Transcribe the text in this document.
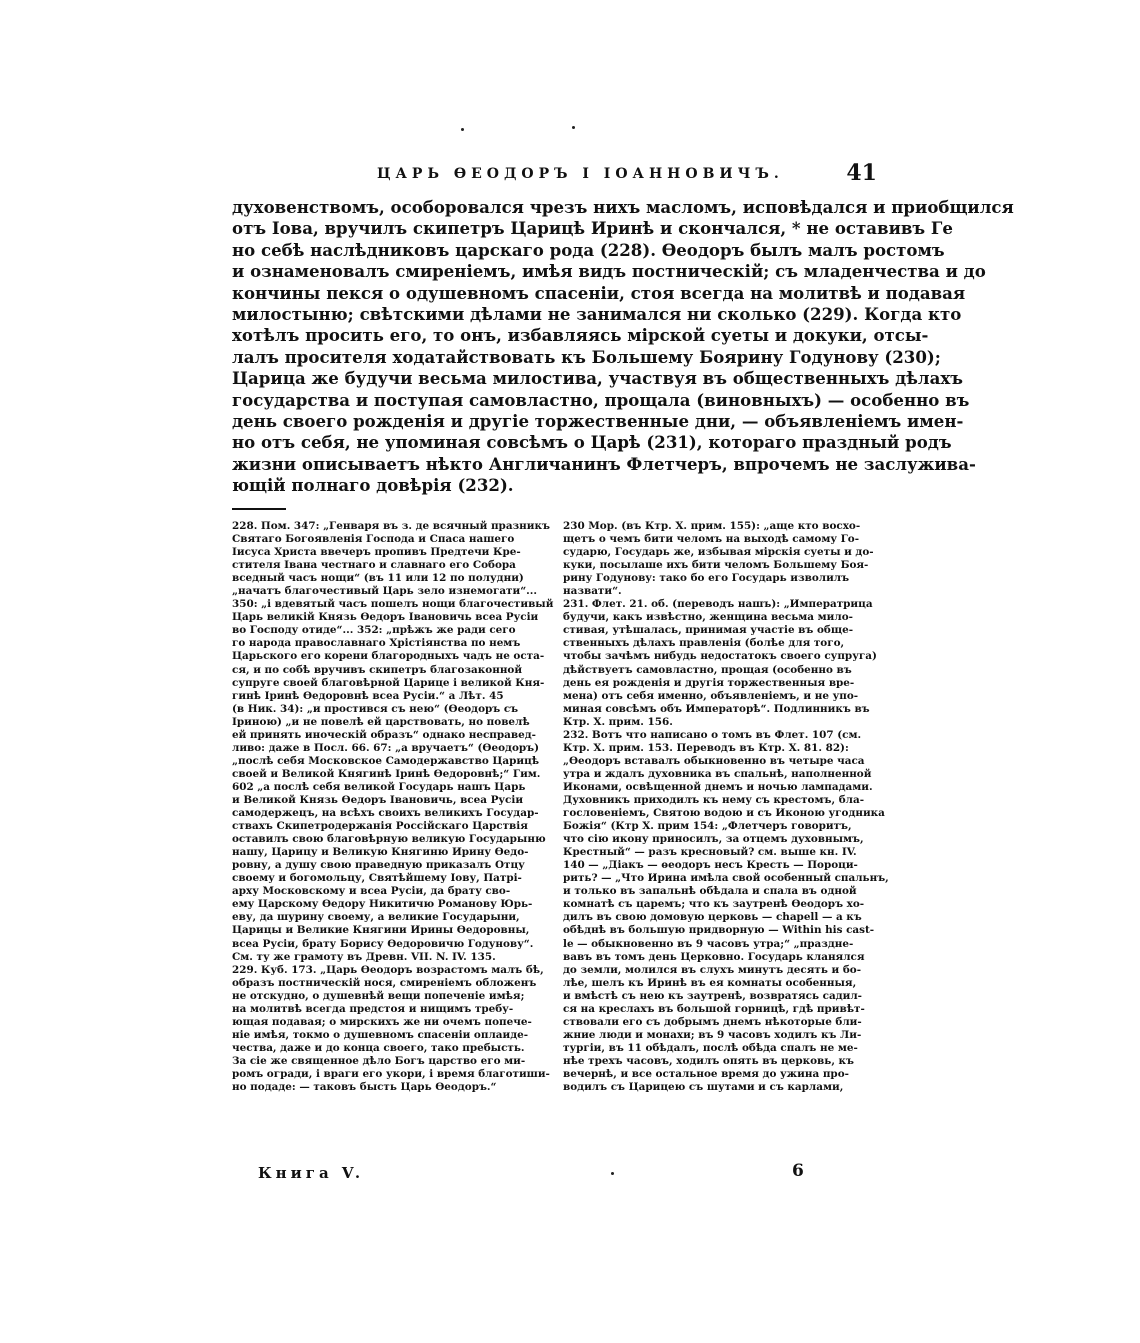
ЦАРЬ ѲЕОДОРЪ I IОАННОВИЧЪ.	41
духовенствомъ, особоровался чрезъ нихъ масломъ, исповѣдался и приобщился
отъ Iова, вручилъ скипетръ Царицѣ Иринѣ и скончался, * не оставивъ Ге
но себѣ наслѣдниковъ царскаго рода (228). Ѳеодоръ былъ малъ ростомъ
и ознаменовалъ смиренiемъ, имѣя видъ постническiй; съ младенчества и до
кончины пекся о одушевномъ спасенiи, стоя всегда на молитвѣ и подавая
милостыню; свѣтскими дѣлами не занимался ни сколько (229). Когда кто
хотѣлъ просить его, то онъ, избавляясь мiрской суеты и докуки, отсы-
лалъ просителя ходатайствовать къ Большему Боярину Годунову (230);
Царица же будучи весьма милостива, участвуя въ общественныхъ дѣлахъ
государства и поступая самовластно, прощала (виновныхъ) — особенно въ
день своего рожденiя и другiе торжественные дни, — объявленiемъ имен-
но отъ себя, не упоминая совсѣмъ о Царѣ (231), котораго праздный родъ
жизни описываетъ нѣкто Англичанинъ Флетчеръ, впрочемъ не заслужива-
ющiй полнаго довѣрiя (232).
228. Пом. 347: „Генваря въ з. де всячный празникъ
Святаго Богоявленiя Господа и Спаса нашего
Iисуса Христа ввечеръ пропивъ Предтечи Кре-
стителя Iвана честнаго и славнаго его Собора
вседный часъ нощи“ (въ 11 или 12 по полудни)
„начатъ благочестивый Царь зело изнемогати“...
350: „i вдевятый часъ пошелъ нощи благочестивый
Царь великiй Князь Ѳедоръ Iвановичь всеа Русiи
во Господу отиде“... 352: „прѣжъ же ради сего
го народа православнаго Хрiстiянства по немъ
Царьского его корени благородныхъ чадъ не оста-
ся, и по собѣ вручивъ скипетръ благозаконной
супруге своей благовѣрной Царице i великой Кня-
гинѣ Iринѣ Ѳедоровнѣ всеа Русiи.“ а Лѣт. 45
(в Ник. 34): „и простився съ нею“ (Ѳеодоръ съ
Iриною) „и не повелѣ ей царствовать, но повелѣ
ей принять иноческiй образъ“ однако несправед-
ливо: даже в Посл. 66. 67: „а вручаетъ“ (Ѳеодоръ)
„послѣ себя Московское Самодержавство Царицѣ
своей и Великой Княгинѣ Iринѣ Ѳедоровнѣ;“ Гим.
602 „а послѣ себя великой Государь нашъ Царь
и Великой Князь Ѳедоръ Iвановичь, всеа Русiи
самодержецъ, на всѣхъ своихъ великихъ Государ-
ствахъ Скипетродержанiя Россiйскаго Царствiя
оставилъ свою благовѣрную великую Государыню
нашу, Царицу и Великую Княгиню Ирину Ѳедо-
ровну, а душу свою праведную приказалъ Отцу
своему и богомольцу, Святѣйшему Iову, Патрi-
арху Московскому и всеа Русiи, да брату сво-
ему Царскому Ѳедору Никитичю Романову Юрь-
еву, да шурину своему, а великие Государыни,
Царицы и Великие Княгини Ирины Ѳедоровны,
всеа Русiи, брату Борису Ѳедоровичю Годунову“.
См. ту же грамоту въ Древн. VII. N. IV. 135.
229. Куб. 173. „Царь Ѳеодоръ возрастомъ малъ бѣ,
образъ постническiй нося, смиренiемъ обложенъ
не отскудно, о душевнѣй вещи попеченiе имѣя;
на молитвѣ всегда предстоя и нищимъ требу-
ющая подавая; о мирскихъ же ни очемъ попече-
нiе имѣя, токмо о душевномъ спасенiи оплаиде-
чества, даже и до конца своего, тако пребысть.
За сiе же священное дѣло Богъ царство его ми-
ромъ огради, i враги его укори, i время благотиши-
но подаде: — таковъ бысть Царь Ѳеодоръ.“
230 Мор. (въ Ктр. X. прим. 155): „аще кто восхо-
щетъ о чемъ бити челомъ на выходѣ самому Го-
сударю, Государь же, избывая мiрскiя суеты и до-
куки, посылаше ихъ бити челомъ Большему Боя-
рину Годунову: тако бо его Государь изволилъ
назвати“.
231. Флет. 21. об. (переводъ нашъ): „Императрица
будучи, какъ извѣстно, женщина весьма мило-
стивая, утѣшалась, принимая участiе въ обще-
ственныхъ дѣлахъ правленiя (болѣе для того,
чтобы зачѣмъ нибудь недостатокъ своего супруга)
дѣйствуетъ самовластно, прощая (особенно въ
день ея рожденiя и другiя торжественныя вре-
мена) отъ себя именно, объявленiемъ, и не упо-
миная совсѣмъ объ Императорѣ“. Подлинникъ въ
Ктр. X. прим. 156.
232. Вотъ что написано о томъ въ Флет. 107 (см.
Ктр. X. прим. 153. Переводъ въ Ктр. X. 81. 82):
„Ѳеодоръ вставалъ обыкновенно въ четыре часа
утра и ждалъ духовника въ спальнѣ, наполненной
Иконами, освѣщенной днемъ и ночью лампадами.
Духовникъ приходилъ къ нему съ крестомъ, бла-
гословенiемъ, Святою водою и съ Иконою угодника
Божiя“ (Ктр X. прим 154: „Флетчеръ говоритъ,
что сiю икону приносилъ, за отцемъ духовнымъ,
Крестный“ — разъ кресновый? см. выше кн. IV.
140 — „Дiакъ — ѳеодоръ несъ Кресть — Пороци-
рить? — „Что Ирина имѣла свой особенный спальнъ,
и только въ запальнѣ обѣдала и спала въ одной
комнатѣ съ царемъ; что къ заутренѣ Ѳеодоръ хо-
дилъ въ свою домовую церковь — chapell — а къ
обѣднѣ въ большую придворную — Within his cast-
le — обыкновенно въ 9 часовъ утра;“ „праздне-
вавъ въ томъ день Церковно. Государь кланялся
до земли, молился въ слухъ минутъ десять и бо-
лѣе, шелъ къ Иринѣ въ ея комнаты особенныя,
и вмѣстѣ съ нею къ заутренѣ, возвратясь садил-
ся на креслахъ въ большой горницѣ, гдѣ привѣт-
ствовали его съ добрымъ днемъ нѣкоторые бли-
жние люди и монахи; въ 9 часовъ ходилъ къ Ли-
тургiи, въ 11 обѣдалъ, послѣ обѣда спалъ не ме-
нѣе трехъ часовъ, ходилъ опять въ церковь, къ
вечернѣ, и все остальное время до ужина про-
водилъ съ Царицею съ шутами и съ карлами,
Книга V.	6
